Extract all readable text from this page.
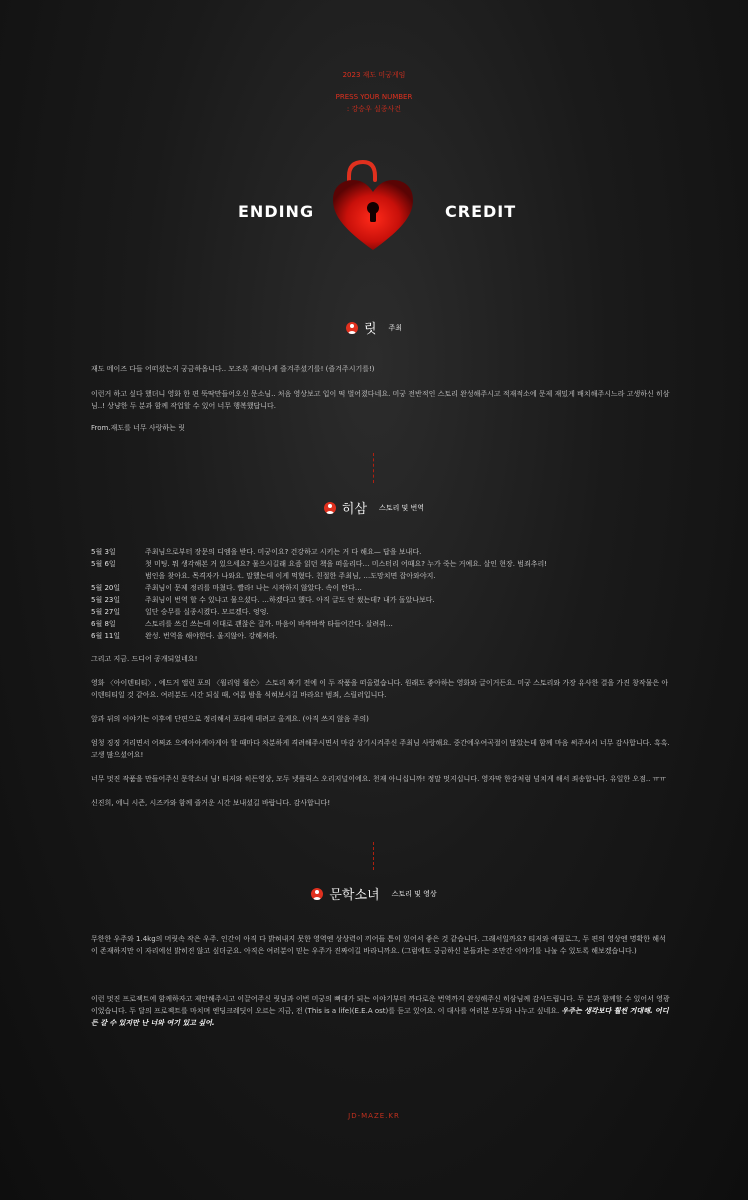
2023 재도 미궁게임
PRESS YOUR NUMBER
: 강승우 실종사건
ENDING	CREDIT
릿 주최

재도 메이즈 다들 어떠셨는지 궁금하옵니다.. 모조록 재미나게 즐겨주셨기를! (즐겨주시기를!)

이런거 하고 싶다 했더니 영화 한 편 뚝딱만들어오신 문소님.. 처음 영상보고 입이 떡 벌어졌다네요. 미궁 전반적인 스토리 완성해주시고 적재적소에 문제 재밌게 배치해주시느라 고생하신 히삼님..! 상냥한 두 분과 함께 작업할 수 있어 너무 행복했답니다.

From.재도를 너무 사랑하는 릿

히삼 스토리 및 번역
5월 3일	주최님으로부터 장문의 디엠을 받다. 미궁이요? 건강하고 시키는 거 다 해요— 답을 보내다.
5월 6일	첫 미팅. 뭐 생각해본 거 있으세요? 물으시길래 요즘 읽던 책을 떠올리다… 미스터리 어때요? 누가 죽는 거예요. 살인 현장. 범죄추리!
범인을 찾아요. 목격자가 나와요. 말했는데 이게 먹혔다. 친절한 주최님, …도망치면 잡아와야지.
5월 20일	주최님이 문제 정리를 마쳤다. 빨라! 나는 시작하지 않았다. 속이 탄다…
5월 23일	주최님이 번역 할 수 있냐고 물으셨다. …하겠다고 했다. 아직 글도 안 썼는데? 내가 돌았나보다.
5월 27일	일단 승무를 실종시켰다. 모르겠다. 엉엉.
6월 8일	스토리를 쓰긴 쓰는데 이대로 괜찮은 걸까. 마음이 바싹바싹 타들어간다. 살려줘…
6월 11일	완성. 번역을 해야한다. 울지않아. 강해져라.

그리고 지금. 드디어 공개되었네요!

영화 〈아이덴티티〉, 에드거 앨런 포의 〈윌리엄 윌슨〉 스토리 짜기 전에 이 두 작품을 떠올렸습니다. 원래도 좋아하는 영화와 글이거든요. 미궁 스토리와 가장 유사한 결을 가진 창작물은 아이덴티티일 것 같아요. 여러분도 시간 되실 때, 여름 밤을 식혀보시길 바라요! 범죄, 스릴러입니다.

앞과 뒤의 이야기는 이후에 단편으로 정리해서 포타에 데려고 올게요. (아직 쓰지 않음 주의)

엄청 징징 거리면서 어쩌죠 으에아아게아게아 할 때마다 차분하게 격려해주시면서 마감 상기시켜주신 주최님 사랑해요. 중간에우여곡절이 많았는데 함께 마음 써주셔서 너무 감사합니다. 흑흑. 고생 많으셨어요!

너무 멋진 작품을 만들어주신 문학소녀 님! 티저와 히든영상, 모두 넷플릭스 오리지널이에요. 천재 아니십니까! 정말 멋지십니다. 영자막 한강처럼 넘치게 해서 죄송합니다. 유일한 오점.. ㅠㅠ

신진희, 에니 시즌, 시즈카와 함께 즐거운 시간 보내셨길 바랍니다. 감사합니다!

문학소녀 스토리 및 영상

무한한 우주와 1.4kg의 머릿속 작은 우주. 인간이 아직 다 밝혀내지 못한 영역엔 상상력이 끼어들 틈이 있어서 좋은 것 같습니다. 그래서일까요? 티저와 에필로그, 두 편의 영상엔 명확한 해석이 존재하지만 이 자리에선 밝히진 않고 싶더군요. 아직은 여러분이 믿는 우주가 진짜이길 바라니까요. (그럼에도 궁금하신 분들과는 조만간 이야기를 나눌 수 있도록 해보겠습니다.)

이런 멋진 프로젝트에 함께하자고 제안해주시고 이끌어주신 릿님과 이번 미궁의 뼈대가 되는 이야기부터 까다로운 번역까지 완성해주신 히삼님께 감사드립니다. 두 분과 함께할 수 있어서 영광이었습니다. 두 달의 프로젝트를 마치며 엔딩크레딧이 오르는 지금, 전 (This is a life)(E.E.A ost)를 듣고 있어요. 이 대사를 여러분 모두와 나누고 싶네요. 우주는 생각보다 훨씬 거대해. 어디든 갈 수 있지만 난 너와 여기 있고 싶어.

JD-MAZE.KR
